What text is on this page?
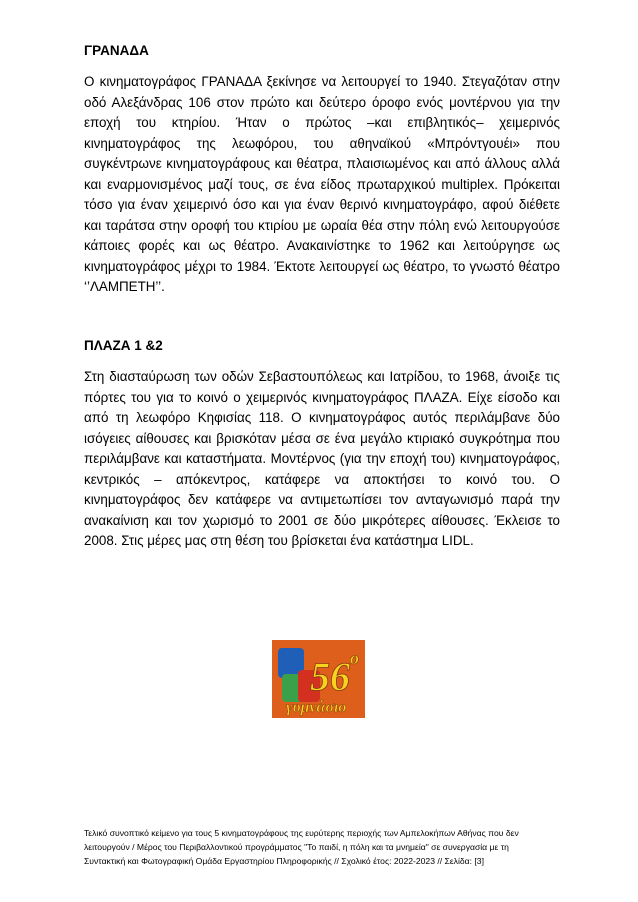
ΓΡΑΝΑΔΑ

Ο κινηματογράφος ΓΡΑΝΑΔΑ ξεκίνησε να λειτουργεί το 1940. Στεγαζόταν στην οδό Αλεξάνδρας 106 στον πρώτο και δεύτερο όροφο ενός μοντέρνου για την εποχή του κτηρίου. Ήταν ο πρώτος –και επιβλητικός– χειμερινός κινηματογράφος της λεωφόρου, του αθηναϊκού «Μπρόντγουέι» που συγκέντρωνε κινηματογράφους και θέατρα, πλαισιωμένος και από άλλους αλλά και εναρμονισμένος μαζί τους, σε ένα είδος πρωταρχικού multiplex. Πρόκειται τόσο για έναν χειμερινό όσο και για έναν θερινό κινηματογράφο, αφού διέθετε και ταράτσα στην οροφή του κτιρίου με ωραία θέα στην πόλη ενώ λειτουργούσε κάποιες φορές και ως θέατρο. Ανακαινίστηκε το 1962 και λειτούργησε ως κινηματογράφος μέχρι το 1984. Έκτοτε λειτουργεί ως θέατρο, το γνωστό θέατρο ‘’ΛΑΜΠΕΤΗ’’.

ΠΛΑΖΑ 1 &2

Στη διασταύρωση των οδών Σεβαστουπόλεως και Ιατρίδου, το 1968, άνοιξε τις πόρτες του για το κοινό ο χειμερινός κινηματογράφος ΠΛΑΖΑ. Είχε είσοδο και από τη λεωφόρο Κηφισίας 118. Ο κινηματογράφος αυτός περιλάμβανε δύο ισόγειες αίθουσες και βρισκόταν μέσα σε ένα μεγάλο κτιριακό συγκρότημα που περιλάμβανε και καταστήματα. Μοντέρνος (για την εποχή του) κινηματογράφος, κεντρικός – απόκεντρος, κατάφερε να αποκτήσει το κοινό του. Ο κινηματογράφος δεν κατάφερε να αντιμετωπίσει τον ανταγωνισμό παρά την ανακαίνιση και τον χωρισμό το 2001 σε δύο μικρότερες αίθουσες. Έκλεισε το 2008. Στις μέρες μας στη θέση του βρίσκεται ένα κατάστημα LIDL.

56 ο
γυμνάσιο
Τελικό συνοπτικό κείμενο για τους 5 κινηματογράφους της ευρύτερης περιοχής των Αμπελοκήπων Αθήνας που δεν
λειτουργούν / Μέρος του Περιβαλλοντικού προγράμματος "Το παιδί, η πόλη και τα μνημεία" σε συνεργασία με τη
Συντακτική και Φωτογραφική Ομάδα Εργαστηρίου Πληροφορικής // Σχολικό έτος: 2022-2023 // Σελίδα: [3]
